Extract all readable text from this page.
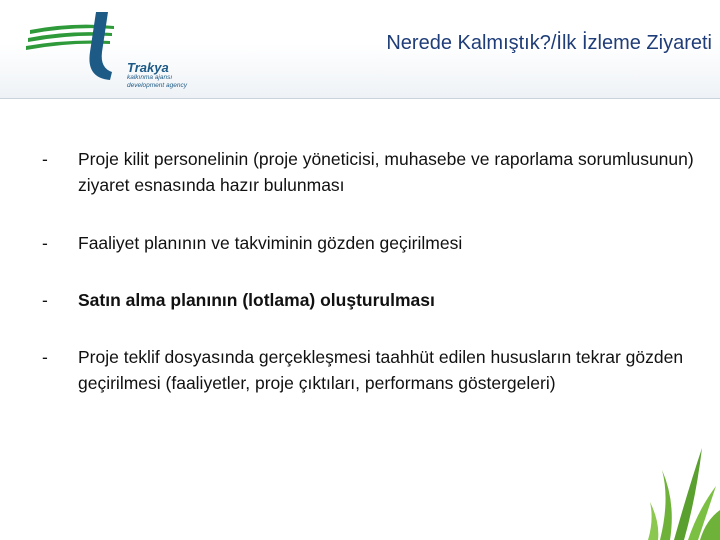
Trakya
kalkınma ajansı
development agency
Nerede Kalmıştık?/İlk İzleme Ziyareti
-	Proje kilit personelinin (proje yöneticisi, muhasebe ve raporlama sorumlusunun) ziyaret esnasında hazır bulunması
-	Faaliyet planının ve takviminin gözden geçirilmesi
-	Satın alma planının (lotlama) oluşturulması
-	Proje teklif dosyasında gerçekleşmesi taahhüt edilen hususların tekrar gözden geçirilmesi (faaliyetler, proje çıktıları, performans göstergeleri)
